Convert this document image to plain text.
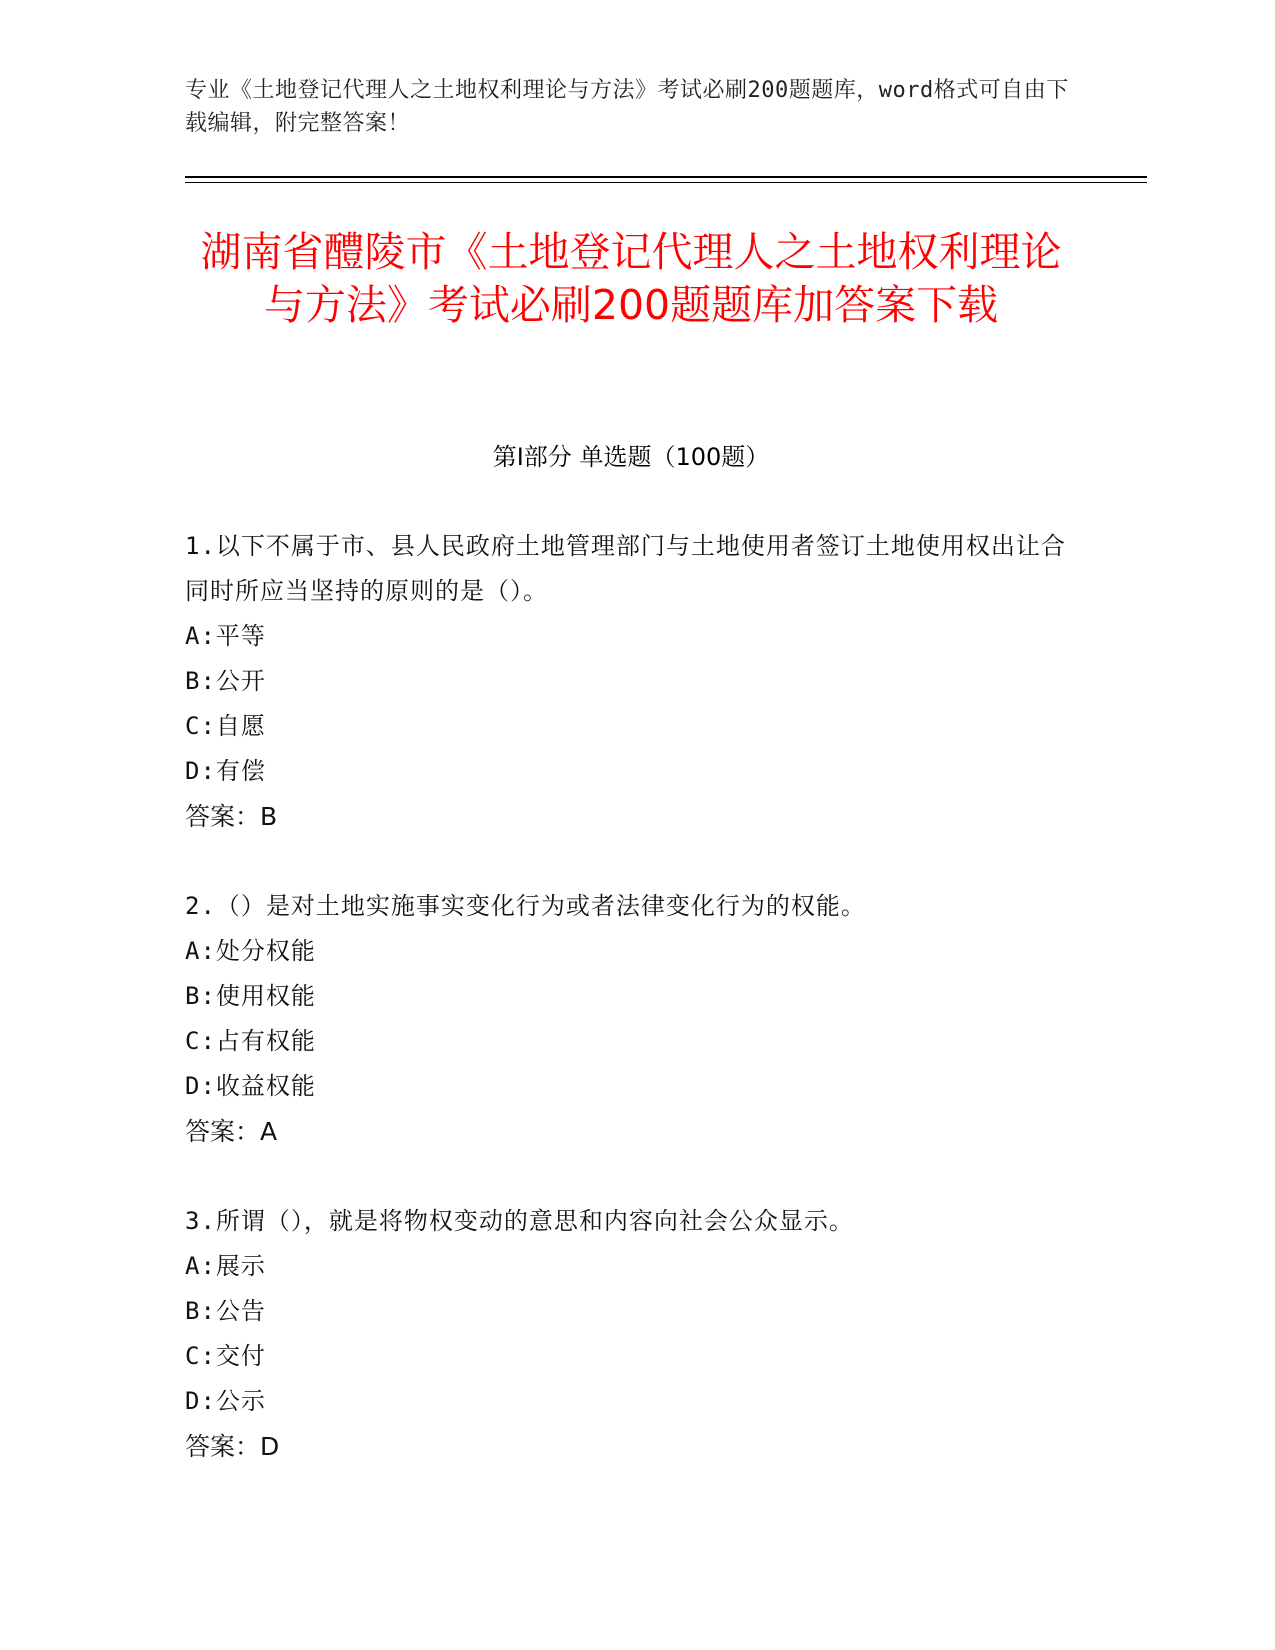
专业《土地登记代理人之土地权利理论与方法》考试必刷200题题库，word格式可自由下载编辑，附完整答案！
湖南省醴陵市《土地登记代理人之土地权利理论与方法》考试必刷200题题库加答案下载
第I部分 单选题（100题）
1.以下不属于市、县人民政府土地管理部门与土地使用者签订土地使用权出让合同时所应当坚持的原则的是（）。
A:平等
B:公开
C:自愿
D:有偿
答案：B
2.（）是对土地实施事实变化行为或者法律变化行为的权能。
A:处分权能
B:使用权能
C:占有权能
D:收益权能
答案：A
3.所谓（），就是将物权变动的意思和内容向社会公众显示。
A:展示
B:公告
C:交付
D:公示
答案：D
